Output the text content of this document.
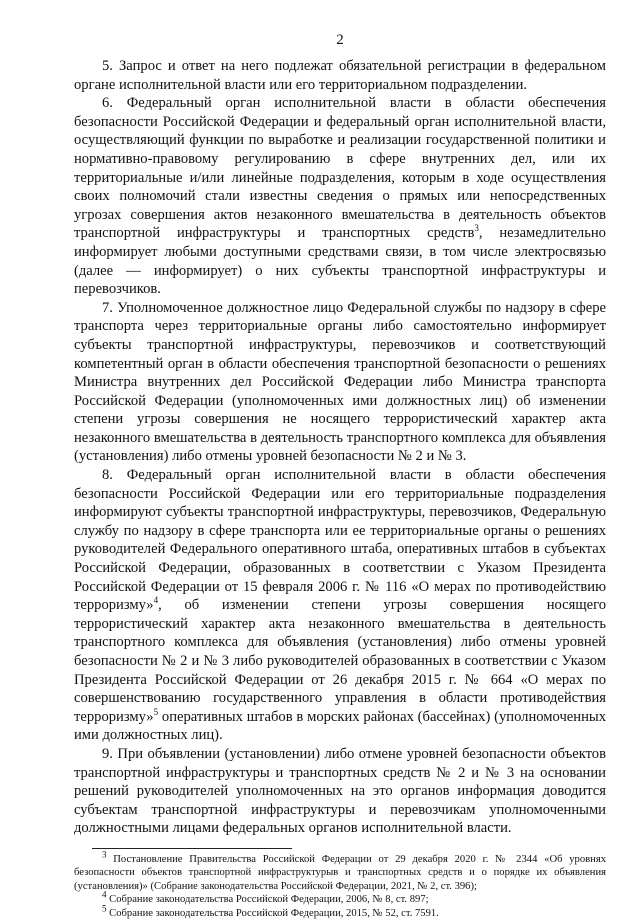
2

5. Запрос и ответ на него подлежат обязательной регистрации в федеральном органе исполнительной власти или его территориальном подразделении.

6. Федеральный орган исполнительной власти в области обеспечения безопасности Российской Федерации и федеральный орган исполнительной власти, осуществляющий функции по выработке и реализации государственной политики и нормативно-правовому регулированию в сфере внутренних дел, или их территориальные и/или линейные подразделения, которым в ходе осуществления своих полномочий стали известны сведения о прямых или непосредственных угрозах совершения актов незаконного вмешательства в деятельность объектов транспортной инфраструктуры и транспортных средств$^3$, незамедлительно информирует любыми доступными средствами связи, в том числе электросвязью (далее — информирует) о них субъекты транспортной инфраструктуры и перевозчиков.

7. Уполномоченное должностное лицо Федеральной службы по надзору в сфере транспорта через территориальные органы либо самостоятельно информирует субъекты транспортной инфраструктуры, перевозчиков и соответствующий компетентный орган в области обеспечения транспортной безопасности о решениях Министра внутренних дел Российской Федерации либо Министра транспорта Российской Федерации (уполномоченных ими должностных лиц) об изменении степени угрозы совершения не носящего террористический характер акта незаконного вмешательства в деятельность транспортного комплекса для объявления (установления) либо отмены уровней безопасности № 2 и № 3.

8. Федеральный орган исполнительной власти в области обеспечения безопасности Российской Федерации или его территориальные подразделения информируют субъекты транспортной инфраструктуры, перевозчиков, Федеральную службу по надзору в сфере транспорта или ее территориальные органы о решениях руководителей Федерального оперативного штаба, оперативных штабов в субъектах Российской Федерации, образованных в соответствии с Указом Президента Российской Федерации от 15 февраля 2006 г. № 116 «О мерах по противодействию терроризму»$^4$, об изменении степени угрозы совершения носящего террористический характер акта незаконного вмешательства в деятельность транспортного комплекса для объявления (установления) либо отмены уровней безопасности № 2 и № 3 либо руководителей образованных в соответствии с Указом Президента Российской Федерации от 26 декабря 2015 г. № 664 «О мерах по совершенствованию государственного управления в области противодействия терроризму»$^5$ оперативных штабов в морских районах (бассейнах) (уполномоченных ими должностных лиц).

9. При объявлении (установлении) либо отмене уровней безопасности объектов транспортной инфраструктуры и транспортных средств № 2 и № 3 на основании решений руководителей уполномоченных на это органов информация доводится субъектам транспортной инфраструктуры и перевозчикам уполномоченными должностными лицами федеральных органов исполнительной власти.

$^3$ Постановление Правительства Российской Федерации от 29 декабря 2020 г. № 2344 «Об уровнях безопасности объектов транспортной инфраструктурыв и транспортных средств и о порядке их объявления (установления)» (Собрание законодательства Российской Федерации, 2021, № 2, ст. 396);

$^4$ Собрание законодательства Российской Федерации, 2006, № 8, ст. 897;

$^5$ Собрание законодательства Российской Федерации, 2015, № 52, ст. 7591.
